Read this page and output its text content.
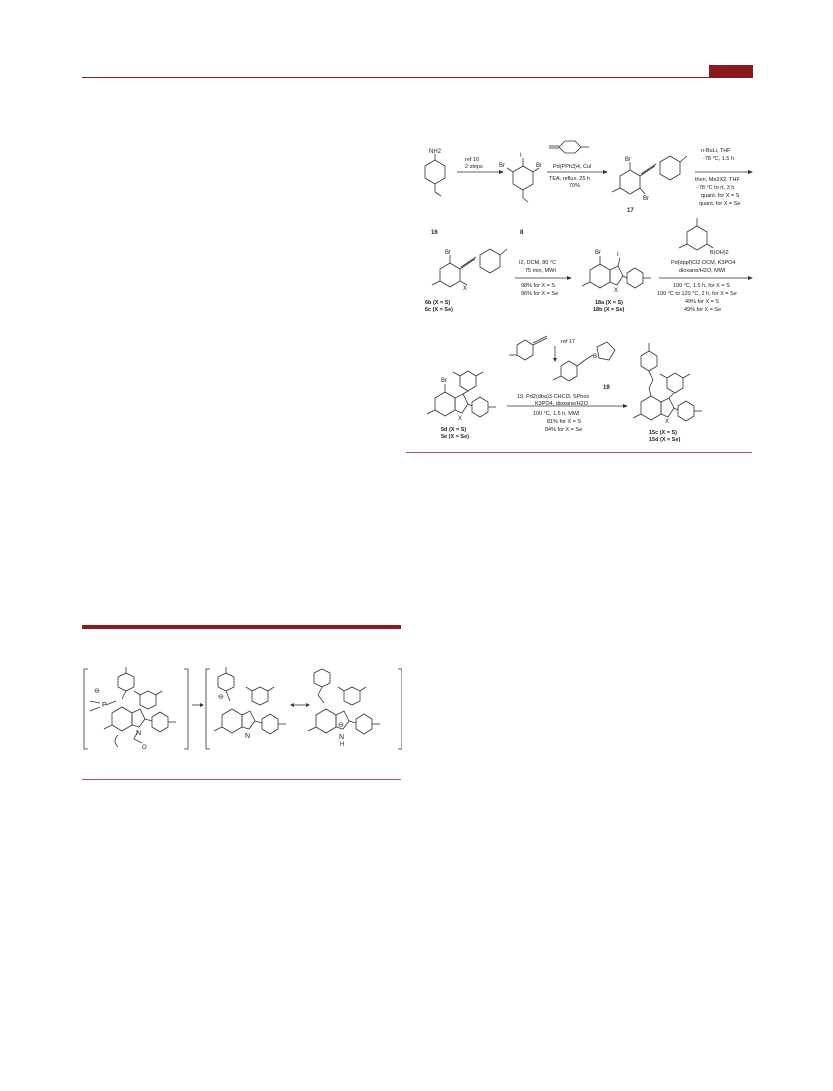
NH2
16
ref 16
2 steps
I
Br	Br
8
Pd(PPh3)4, CuI
TEA, reflux, 25 h
70%
Br
Br
17
n-BuLi, THF
-78 °C, 1.5 h
then, Me2X2, THF
-78 °C to rt, 3 h
quant. for X = S
quant. for X = Se
Br
X
6b (X = S)
6c (X = Se)
I2, DCM, 80 °C
75 min, MWI
98% for X = S
96% for X = Se
Br	I
X
18a (X = S)
18b (X = Se)
B(OH)2
Pd(dppf)Cl2·DCM, K3PO4
dioxane/H2O, MWI
100 °C, 1.5 h, for X = S
100 °C to 120 °C, 2 h, for X = Se
49% for X = S
49% for X = Se
Br
X
5d (X = S)
5e (X = Se)
ref 17
B
19
19, Pd2(dba)3·CHCl3, SPhos
K3PO4, dioxane/H2O
100 °C, 1.5 h, MWI
81% for X = S
84% for X = Se
X
15c (X = S)
15d (X = Se)
P
⊖
N
O
⊖
N
⊖
N
H
